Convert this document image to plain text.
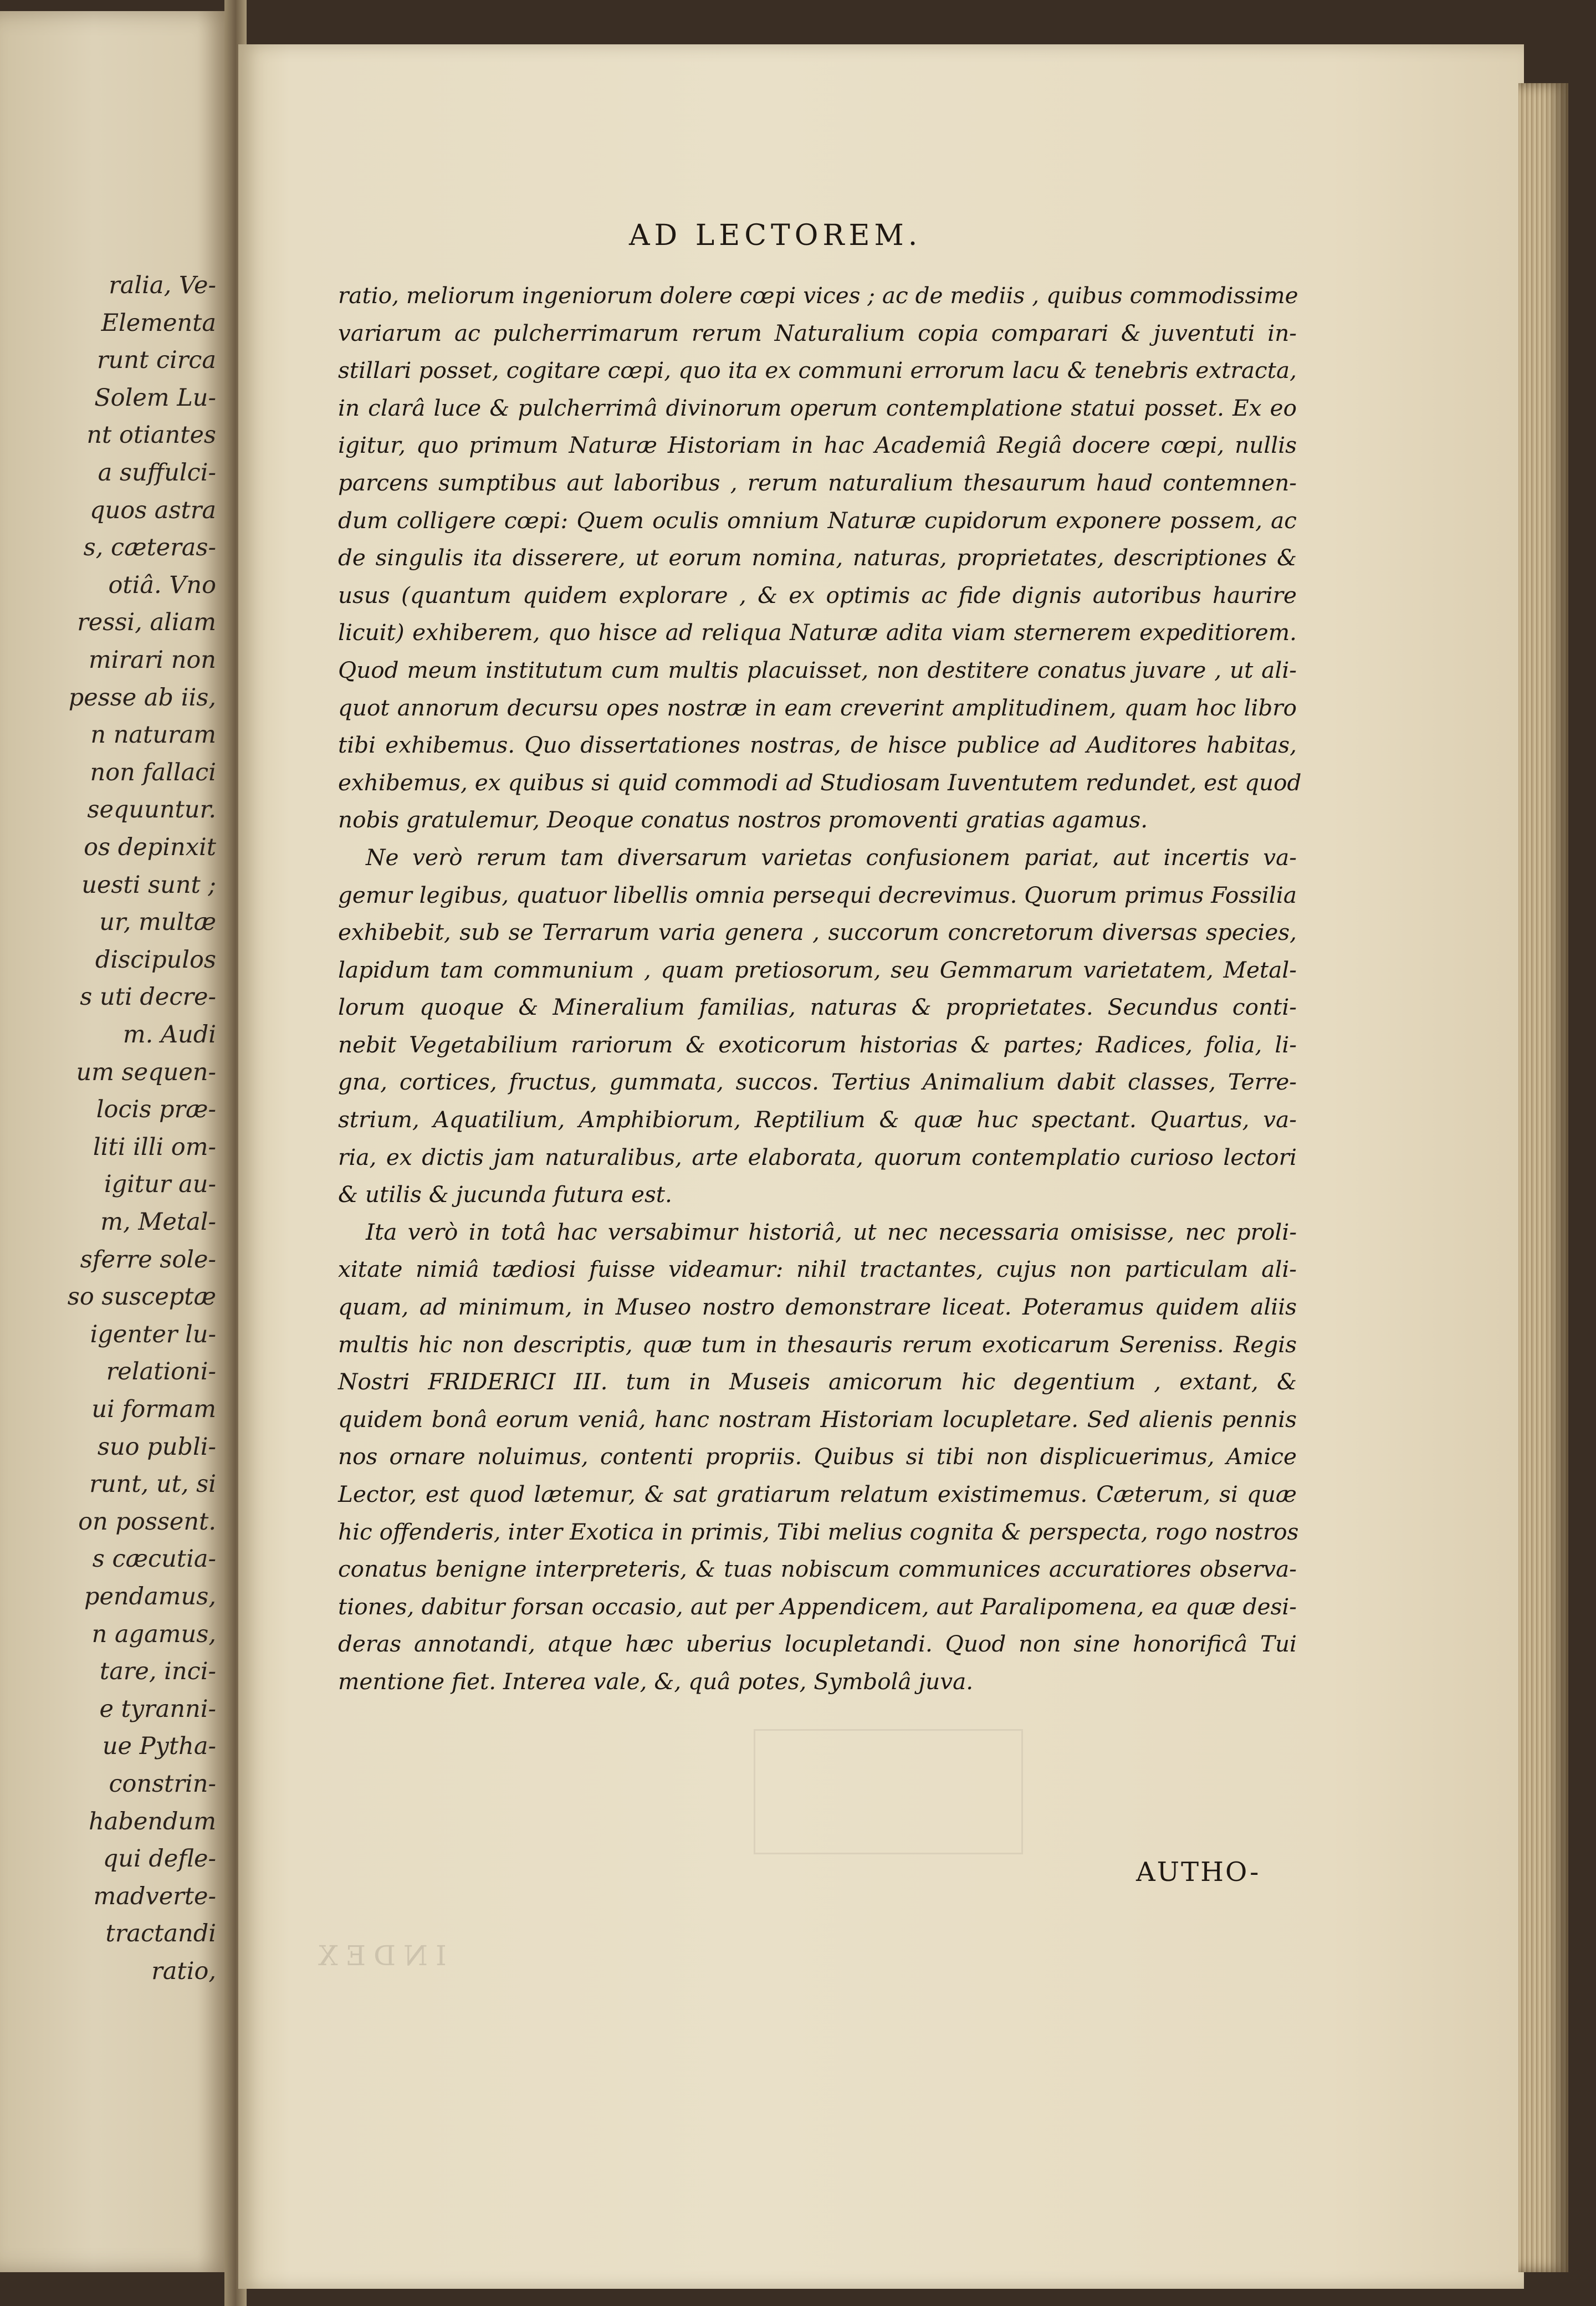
ralia, Ve-
Elementa
runt circa
Solem Lu-
nt otiantes
a suffulci-
quos astra
s, cæteras-
otiâ. Vno
ressi, aliam
mirari non
pesse ab iis,
n naturam
non fallaci
sequuntur.
os depinxit
uesti sunt ;
ur, multæ
discipulos
s uti decre-
m. Audi
um sequen-
locis præ-
liti illi om-
igitur au-
m, Metal-
sferre sole-
so susceptæ
igenter lu-
relationi-
ui formam
suo publi-
runt, ut, si
on possent.
s cæcutia-
pendamus,
n agamus,
tare, inci-
e tyranni-
ue Pytha-
constrin-
habendum
qui defle-
madverte-
tractandi
ratio,	INDEX
AD LECTOREM.
ratio, meliorum ingeniorum dolere cœpi vices ; ac de mediis , quibus commodissime
variarum ac pulcherrimarum rerum Naturalium copia comparari & juventuti in-
stillari posset, cogitare cœpi, quo ita ex communi errorum lacu & tenebris extracta,
in clarâ luce & pulcherrimâ divinorum operum contemplatione statui posset. Ex eo
igitur, quo primum Naturæ Historiam in hac Academiâ Regiâ docere cœpi, nullis
parcens sumptibus aut laboribus , rerum naturalium thesaurum haud contemnen-
dum colligere cœpi: Quem oculis omnium Naturæ cupidorum exponere possem, ac
de singulis ita disserere, ut eorum nomina, naturas, proprietates, descriptiones &
usus (quantum quidem explorare , & ex optimis ac fide dignis autoribus haurire
licuit) exhiberem, quo hisce ad reliqua Naturæ adita viam sternerem expeditiorem.
Quod meum institutum cum multis placuisset, non destitere conatus juvare , ut ali-
quot annorum decursu opes nostræ in eam creverint amplitudinem, quam hoc libro
tibi exhibemus. Quo dissertationes nostras, de hisce publice ad Auditores habitas,
exhibemus, ex quibus si quid commodi ad Studiosam Iuventutem redundet, est quod
nobis gratulemur, Deoque conatus nostros promoventi gratias agamus.
Ne verò rerum tam diversarum varietas confusionem pariat, aut incertis va-
gemur legibus, quatuor libellis omnia persequi decrevimus. Quorum primus Fossilia
exhibebit, sub se Terrarum varia genera , succorum concretorum diversas species,
lapidum tam communium , quam pretiosorum, seu Gemmarum varietatem, Metal-
lorum quoque & Mineralium familias, naturas & proprietates. Secundus conti-
nebit Vegetabilium rariorum & exoticorum historias & partes; Radices, folia, li-
gna, cortices, fructus, gummata, succos. Tertius Animalium dabit classes, Terre-
strium, Aquatilium, Amphibiorum, Reptilium & quæ huc spectant. Quartus, va-
ria, ex dictis jam naturalibus, arte elaborata, quorum contemplatio curioso lectori
& utilis & jucunda futura est.
Ita verò in totâ hac versabimur historiâ, ut nec necessaria omisisse, nec proli-
xitate nimiâ tædiosi fuisse videamur: nihil tractantes, cujus non particulam ali-
quam, ad minimum, in Museo nostro demonstrare liceat. Poteramus quidem aliis
multis hic non descriptis, quæ tum in thesauris rerum exoticarum Sereniss. Regis
Nostri FRIDERICI III. tum in Museis amicorum hic degentium , extant, &
quidem bonâ eorum veniâ, hanc nostram Historiam locupletare. Sed alienis pennis
nos ornare noluimus, contenti propriis. Quibus si tibi non displicuerimus, Amice
Lector, est quod lætemur, & sat gratiarum relatum existimemus. Cæterum, si quæ
hic offenderis, inter Exotica in primis, Tibi melius cognita & perspecta, rogo nostros
conatus benigne interpreteris, & tuas nobiscum communices accuratiores observa-
tiones, dabitur forsan occasio, aut per Appendicem, aut Paralipomena, ea quæ desi-
deras annotandi, atque hæc uberius locupletandi. Quod non sine honorificâ Tui
mentione fiet. Interea vale, &, quâ potes, Symbolâ juva.
AUTHO-
